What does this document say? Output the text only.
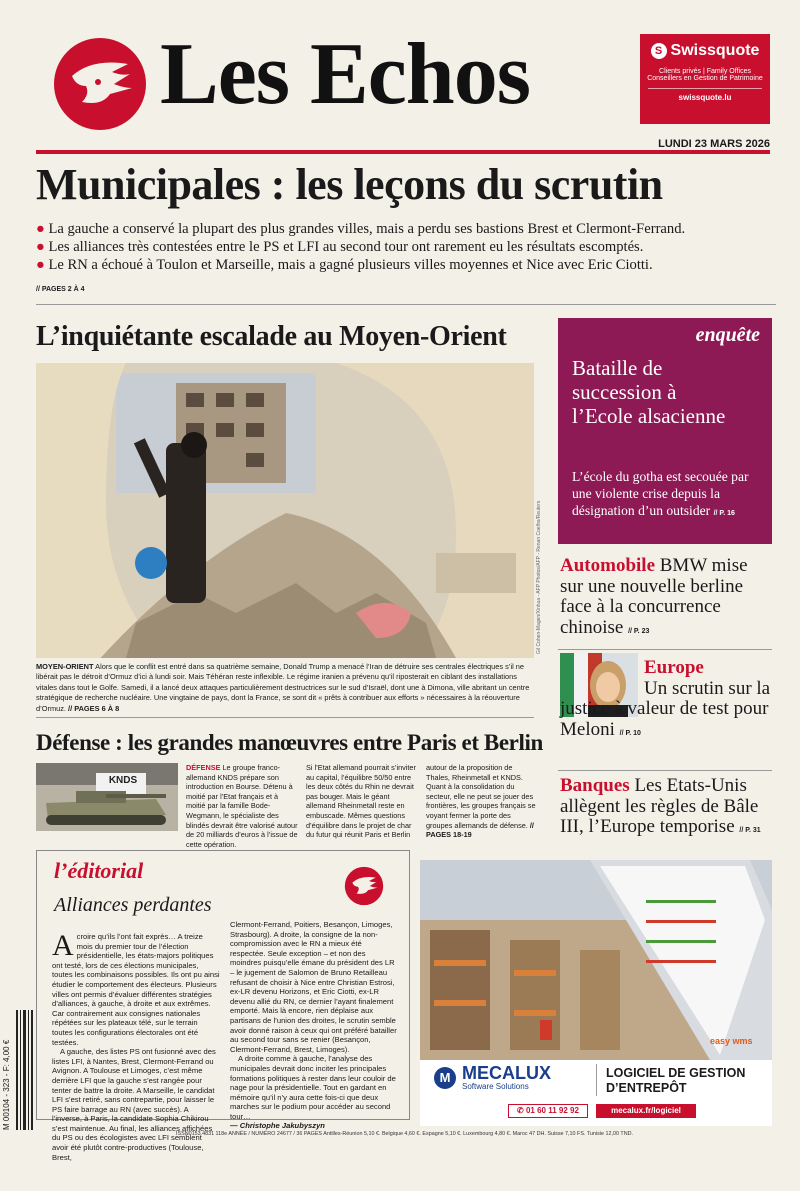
Les Echos
LUNDI 23 MARS 2026
S Swissquote
Clients privés | Family Offices
Conseillers en Gestion de Patrimoine
swissquote.lu
Municipales : les leçons du scrutin
● La gauche a conservé la plupart des plus grandes villes, mais a perdu ses bastions Brest et Clermont-Ferrand.
● Les alliances très contestées entre le PS et LFI au second tour ont rarement eu les résultats escomptés.
● Le RN a échoué à Toulon et Marseille, mais a gagné plusieurs villes moyennes et Nice avec Eric Ciotti.
// PAGES 2 À 4
L’inquiétante escalade au Moyen-Orient
Gil Cohen-Magen/Xinhua - AFP Photos/AFP - Renan Coelho/Reuters
MOYEN-ORIENT Alors que le conflit est entré dans sa quatrième semaine, Donald Trump a menacé l’Iran de détruire ses centrales électriques s’il ne libérait pas le détroit d’Ormuz d’ici à lundi soir. Mais Téhéran reste inflexible. Le régime iranien a prévenu qu’il riposterait en ciblant des installations vitales dans tout le Golfe. Samedi, il a lancé deux attaques particulièrement destructrices sur le sud d’Israël, dont une à Dimona, ville abritant un centre stratégique de recherche nucléaire. Une vingtaine de pays, dont la France, se sont dit « prêts à contribuer aux efforts » nécessaires à la réouverture d’Ormuz. // PAGES 6 À 8
enquête
Bataille de succession à l’Ecole alsacienne
L’école du gotha est secouée par une violente crise depuis la désignation d’un outsider // P. 16
Automobile BMW mise sur une nouvelle berline face à la concurrence chinoise // P. 23
Europe
Un scrutin sur la justice à valeur de test pour Meloni // P. 10
Banques Les Etats-Unis allègent les règles de Bâle III, l’Europe temporise // P. 31
Défense : les grandes manœuvres entre Paris et Berlin
KNDS
DÉFENSE Le groupe franco-allemand KNDS prépare son introduction en Bourse. Détenu à moitié par l’Etat français et à moitié par la famille Bode-Wegmann, le spécialiste des blindés devrait être valorisé autour de 20 milliards d’euros à l’issue de cette opération.
Si l’Etat allemand pourrait s’inviter au capital, l’équilibre 50/50 entre les deux côtés du Rhin ne devrait pas bouger. Mais le géant allemand Rheinmetall reste en embuscade. Mêmes questions d’équilibre dans le projet de char du futur qui réunit Paris et Berlin
autour de la proposition de Thales, Rheinmetall et KNDS. Quant à la consolidation du secteur, elle ne peut se jouer des frontières, les groupes français se voyant fermer la porte des groupes allemands de défense. // PAGES 18-19
l’éditorial
Alliances perdantes
A croire qu’ils l’ont fait exprès… A treize mois du premier tour de l’élection présidentielle, les états-majors politiques ont testé, lors de ces élections municipales, toutes les combinaisons possibles. Ils ont pu ainsi étudier le comportement des électeurs. Plusieurs villes ont permis d’évaluer différentes stratégies d’alliances, à gauche, à droite et aux extrêmes. Car contrairement aux consignes nationales répétées sur les plateaux télé, sur le terrain toutes les configurations électorales ont été testées.
A gauche, des listes PS ont fusionné avec des listes LFI, à Nantes, Brest, Clermont-Ferrand ou Avignon. A Toulouse et Limoges, c’est même derrière LFI que la gauche s’est rangée pour tenter de battre la droite. A Marseille, le candidat LFI s’est retiré, sans contrepartie, pour laisser le PS faire barrage au RN (avec succès). A l’inverse, à Paris, la candidate Sophia Chikirou s’est maintenue. Au final, les alliances affichées du PS ou des écologistes avec LFI semblent avoir été plutôt contre-productives (Toulouse, Brest,
Clermont-Ferrand, Poitiers, Besançon, Limoges, Strasbourg). A droite, la consigne de la non-compromission avec le RN a mieux été respectée. Seule exception – et non des moindres puisqu’elle émane du président des LR – le jugement de Salomon de Bruno Retailleau refusant de choisir à Nice entre Christian Estrosi, ex-LR devenu Horizons, et Eric Ciotti, ex-LR devenu allié du RN, ce dernier l’ayant finalement emporté. Mais là encore, rien déplaise aux partisans de l’union des droites, le scrutin semble avoir donné raison à ceux qui ont préféré batailler au second tour sans se renier (Besançon, Clermont-Ferrand, Brest, Limoges).
A droite comme à gauche, l’analyse des municipales devrait donc inciter les principales formations politiques à rester dans leur couloir de nage pour la présidentielle. Tout en gardant en mémoire qu’il n’y aura cette fois-ci que deux marches sur le podium pour accéder au second tour…
— Christophe Jakubyszyn
easy wms
M MECALUX
Software Solutions
LOGICIEL DE GESTION
D’ENTREPÔT
✆ 01 60 11 92 92	mecalux.fr/logiciel
ISSN0153.4831 118e ANNÉE / NUMÉRO 24677 / 36 PAGES Antilles-Réunion 5,10 €. Belgique 4,60 €. Espagne 5,10 €. Luxembourg 4,80 €. Maroc 47 DH. Suisse 7,10 FS. Tunisie 12,00 TND.
M 00104 - 323 - F: 4,00 €
